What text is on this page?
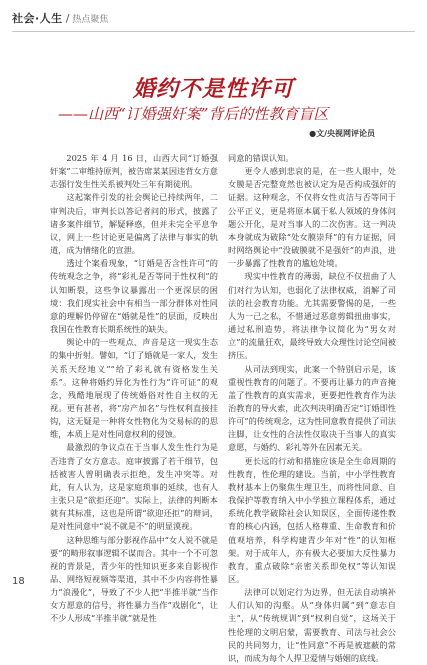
社会·人生 / 热点聚焦
婚约不是性许可
——山西“订婚强奸案”背后的性教育盲区
●文/央视网评论员

2025 年 4 月 16 日，山西大同“订婚强奸案”二审维持原判，被告席某某因违背女方意志强行发生性关系被判处三年有期徒刑。

这起案件引发的社会舆论已持续两年，二审判决后，审判长以答记者问的形式，披露了诸多案件细节，解疑释惑，但并未完全平息争议，网上一些讨论更是偏离了法律与事实的轨道，成为情绪化的宣泄。

透过个案看现象，“订婚是否含性许可”的传统观念之争，将“彩礼是否等同于性权利”的认知断裂，这些争议暴露出一个更深层的困境：我们现实社会中有相当一部分群体对性同意的理解仍停留在“婚就是性”的层面，反映出我国在性教育长期系统性的缺失。

舆论中的一些观点、声音是这一现实生态的集中折射。譬如，“订了婚就是一家人，发生关系天经地义”“给了彩礼就有资格发生关系”。这种将婚约异化为性行为“许可证”的观念，残酷地展现了传统婚俗对性自主权的无视。更有甚者，将“房产加名”与性权利直接挂钩，这无疑是一种将女性物化为交易标的的思维，本质上是对性同意权利的侵蚀。

最激烈的争议点在于当事人发生性行为是否违背了女方意志。庭审披露了若干细节，包括被害人曾明确表示拒绝，发生冲突等。对此，有人认为，这是家庭琐事的延续，也有人主张只是“欲拒还迎”。实际上，法律的判断本就有其标准，这也是所谓“欲迎还拒”的辩词，是对性同意中“说不就是不”的明显漠视。

这种思维与部分影视作品中“女人说不就是要”的畸形叙事逻辑不谋而合。其中一个不可忽视的背景是，青少年的性知识更多来自影视作品、网络短视频等渠道，其中不少内容将性暴力“浪漫化”，导致了不少人把“半推半就”当作女方愿意的信号，将性暴力当作“戏剧化”，让不少人形成“半推半就”就是性

同意的错误认知。

更令人感到悲哀的是，在一些人眼中，处女膜是否完整竟然也被认定为是否构成强奸的证据。这种观念，不仅将女性贞洁与否等同于公平正义，更是将原本属于私人领域的身体问题公开化，是对当事人的二次伤害。这一判决本身就成为破除“处女膜崇拜”的有力证据，同时网络舆论中“没破膜就不是强奸”的声浪，进一步暴露了性教育的尴尬处境。

现实中性教育的薄弱，缺位不仅扭曲了人们对行为认知，也弱化了法律权威，消解了司法的社会教育功能。尤其需要警惕的是，一些人为一己之私，不惜通过恶意剪辑扭曲事实，通过私刑造势，将法律争议简化为“男女对立”的流量狂欢，最终导致大众理性讨论空间被挤压。

从司法到现实，此案一个特别启示是，该重视性教育的问题了。不要再让暴力的声音掩盖了性教育的真实需求，更要把性教育作为法治教育的导火索，此次判决明确否定“订婚即性许可”的传统观念，这为性同意教育提供了司法注脚，让女性的合法性仅取决于当事人的真实意愿，与婚约、彩礼等外在因素无关。

更长远的行动和措施应该是全生命周期的性教育，性伦理的建设。当前，中小学性教育教材基本上仍聚焦生理卫生，而将性同意、自我保护等教育纳入中小学独立课程体系，通过系统化教学破除社会认知误区，全面传递性教育的核心内涵，包括人格尊重、生命教育和价值观培养，科学构建青少年对“性”的认知框架。对于成年人，亦有极大必要加大反性暴力教育，重点破除“亲密关系即免权”等认知误区。

法律可以划定行为边界，但无法自动填补人们认知的沟壑。从“身体归属”到“意志自主”，从“传统规训”到“权利自觉”，这场关于性伦理的文明启蒙，需要教育、司法与社会公民的共同努力，让“性同意”不再是被遮蔽的常识，而成为每个人捍卫爱情与婚姻的底线。

18
